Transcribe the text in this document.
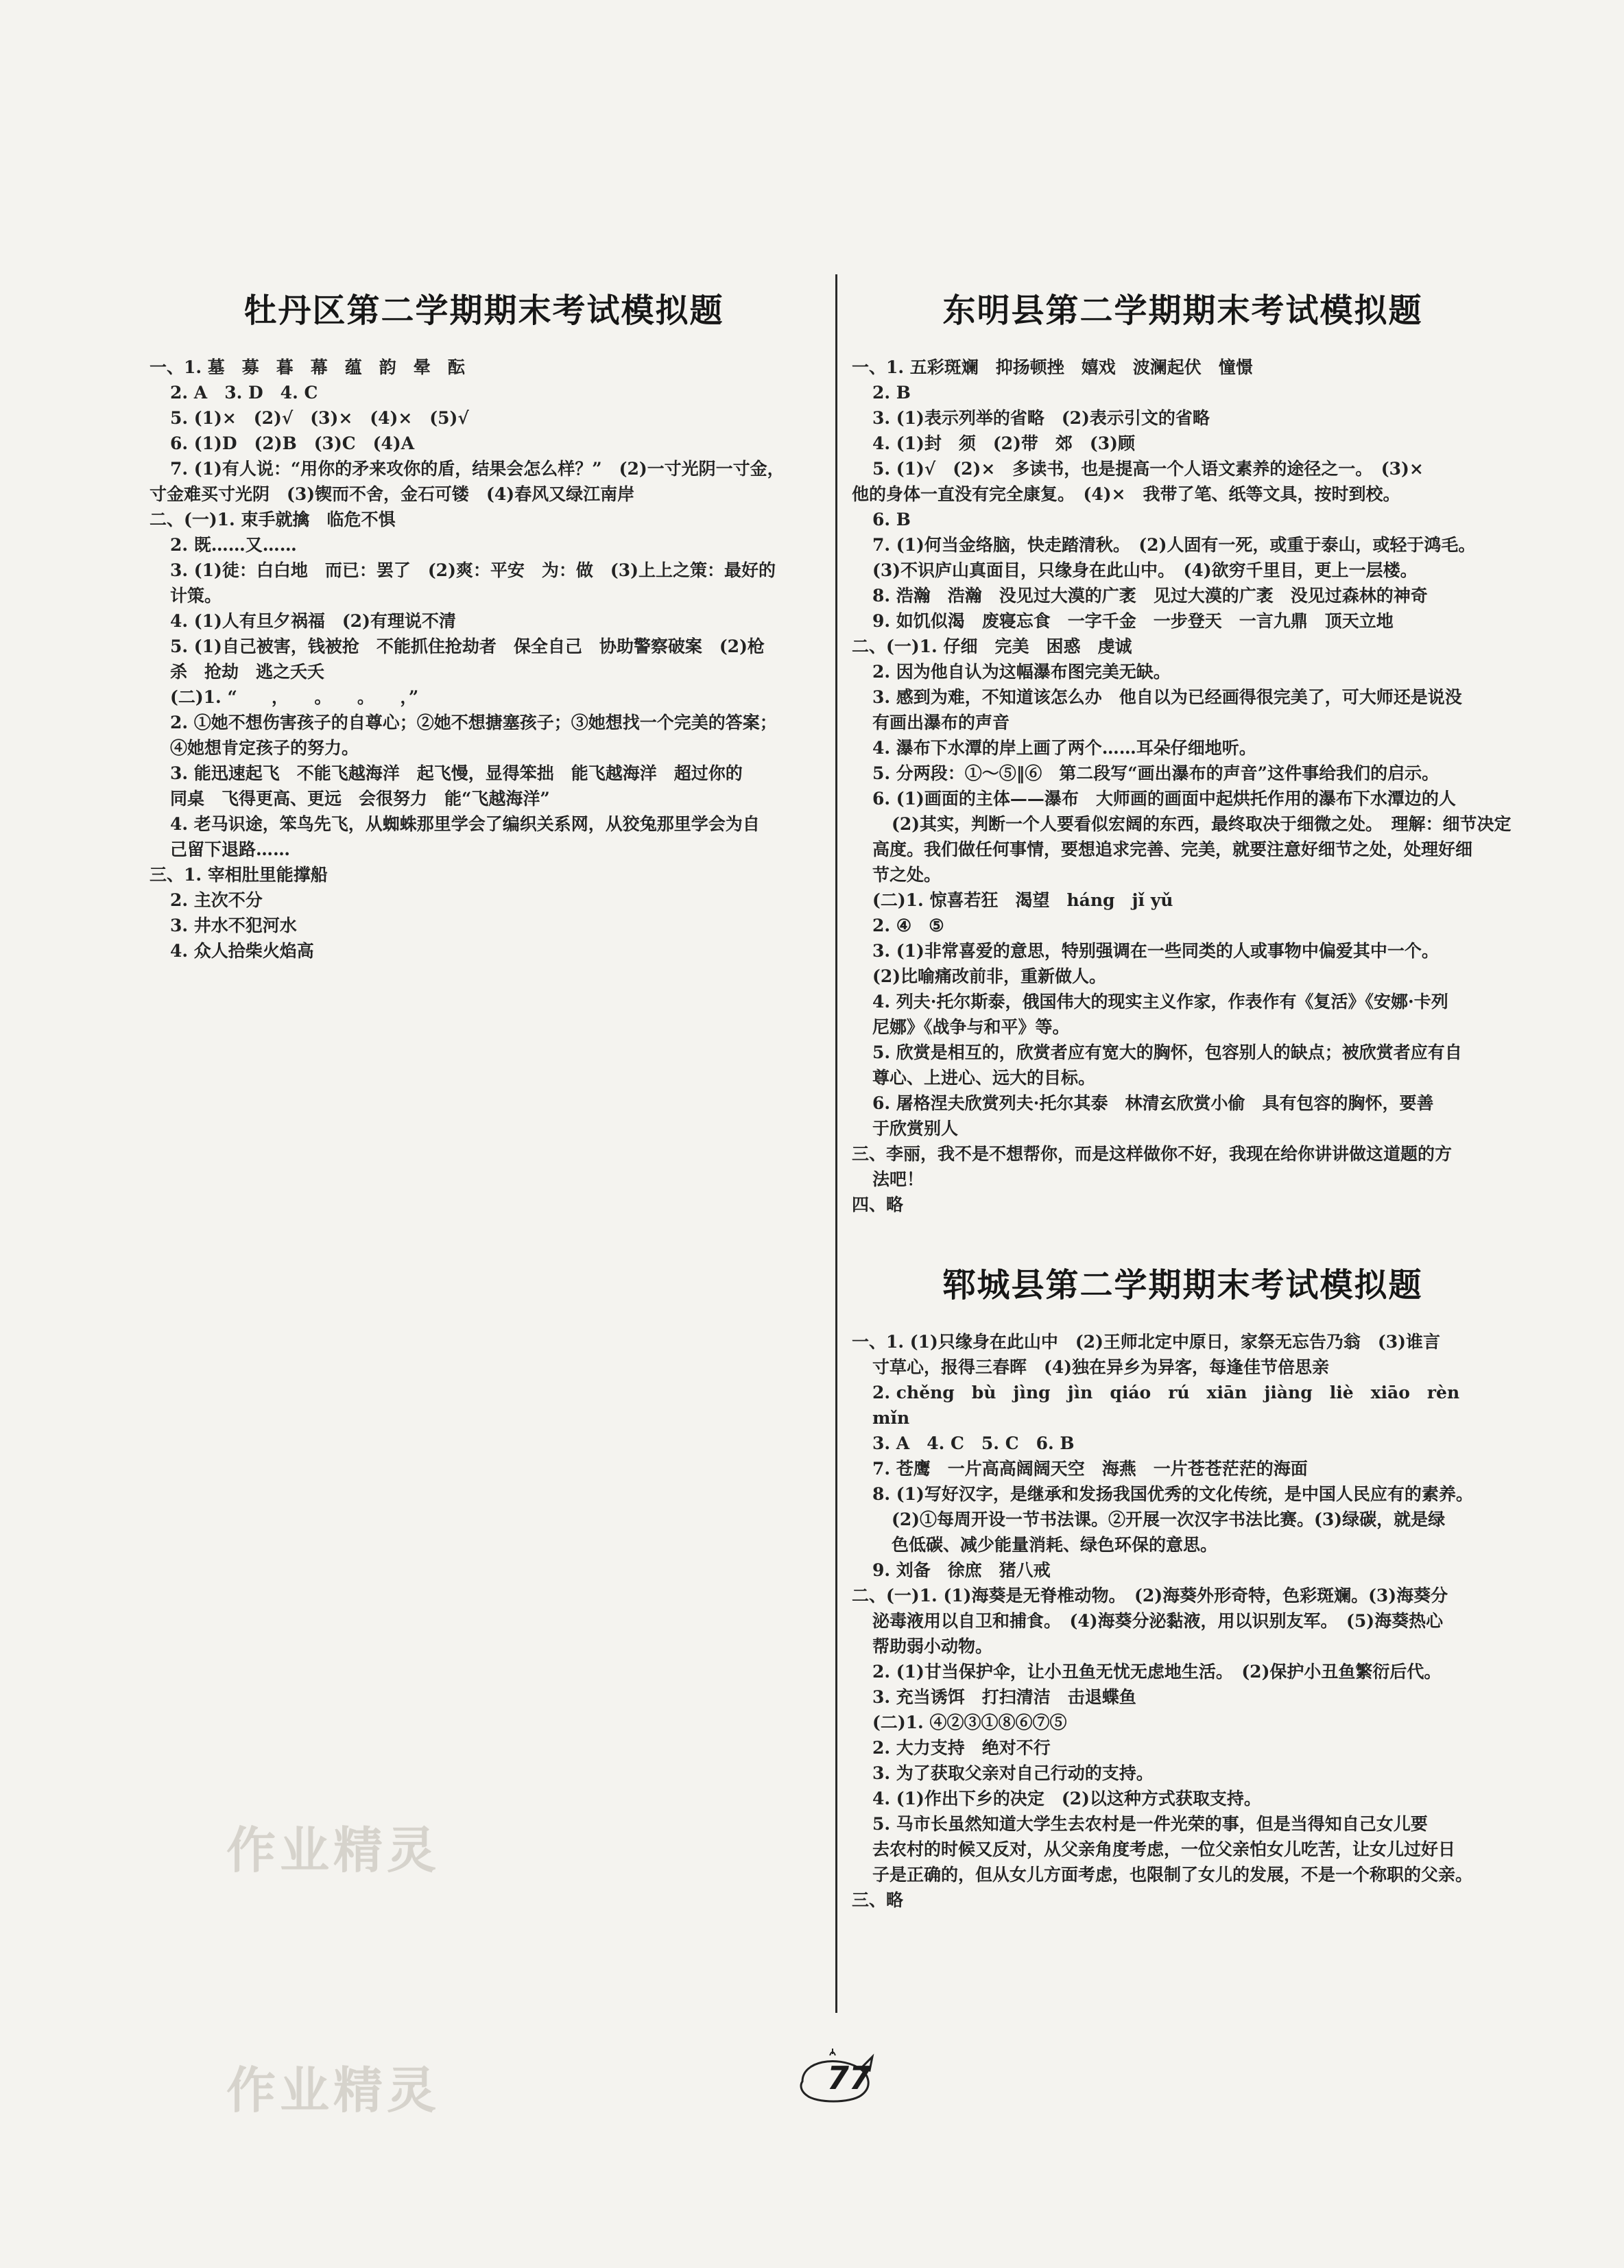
牡丹区第二学期期末考试模拟题
一、1. 墓　募　暮　幕　蕴　韵　晕　酝
2. A　3. D　4. C
5. (1)×　(2)√　(3)×　(4)×　(5)√
6. (1)D　(2)B　(3)C　(4)A
7. (1)有人说：“用你的矛来攻你的盾，结果会怎么样？”　(2)一寸光阴一寸金，
寸金难买寸光阴　(3)锲而不舍，金石可镂　(4)春风又绿江南岸
二、(一)1. 束手就擒　临危不惧
2. 既……又……
3. (1)徒：白白地　而已：罢了　(2)爽：平安　为：做　(3)上上之策：最好的
计策。
4. (1)人有旦夕祸福　(2)有理说不清
5. (1)自己被害，钱被抢　不能抓住抢劫者　保全自己　协助警察破案　(2)枪
杀　抢劫　逃之夭夭
(二)1. “　　，　　。　　。　　，”
2. ①她不想伤害孩子的自尊心；②她不想搪塞孩子；③她想找一个完美的答案；
④她想肯定孩子的努力。
3. 能迅速起飞　不能飞越海洋　起飞慢，显得笨拙　能飞越海洋　超过你的
同桌　飞得更高、更远　会很努力　能“飞越海洋”
4. 老马识途，笨鸟先飞，从蜘蛛那里学会了编织关系网，从狡兔那里学会为自
己留下退路……
三、1. 宰相肚里能撑船
2. 主次不分
3. 井水不犯河水
4. 众人拾柴火焰高
东明县第二学期期末考试模拟题
一、1. 五彩斑斓　抑扬顿挫　嬉戏　波澜起伏　憧憬
2. B
3. (1)表示列举的省略　(2)表示引文的省略
4. (1)封　须　(2)带　郊　(3)顾
5. (1)√　(2)×　多读书，也是提高一个人语文素养的途径之一。　(3)×
他的身体一直没有完全康复。　(4)×　我带了笔、纸等文具，按时到校。
6. B
7. (1)何当金络脑，快走踏清秋。　(2)人固有一死，或重于泰山，或轻于鸿毛。
(3)不识庐山真面目，只缘身在此山中。　(4)欲穷千里目，更上一层楼。
8. 浩瀚　浩瀚　没见过大漠的广袤　见过大漠的广袤　没见过森林的神奇
9. 如饥似渴　废寝忘食　一字千金　一步登天　一言九鼎　顶天立地
二、(一)1. 仔细　完美　困惑　虔诚
2. 因为他自认为这幅瀑布图完美无缺。
3. 感到为难，不知道该怎么办　他自以为已经画得很完美了，可大师还是说没
有画出瀑布的声音
4. 瀑布下水潭的岸上画了两个……耳朵仔细地听。
5. 分两段：①～⑤‖⑥　第二段写“画出瀑布的声音”这件事给我们的启示。
6. (1)画面的主体——瀑布　大师画的画面中起烘托作用的瀑布下水潭边的人
(2)其实，判断一个人要看似宏阔的东西，最终取决于细微之处。　理解：细节决定
高度。我们做任何事情，要想追求完善、完美，就要注意好细节之处，处理好细
节之处。
(二)1. 惊喜若狂　渴望　háng　jǐ yǔ
2. ④　⑤
3. (1)非常喜爱的意思，特别强调在一些同类的人或事物中偏爱其中一个。
(2)比喻痛改前非，重新做人。
4. 列夫·托尔斯泰，俄国伟大的现实主义作家，作表作有《复活》《安娜·卡列
尼娜》《战争与和平》等。
5. 欣赏是相互的，欣赏者应有宽大的胸怀，包容别人的缺点；被欣赏者应有自
尊心、上进心、远大的目标。
6. 屠格涅夫欣赏列夫·托尔其泰　林清玄欣赏小偷　具有包容的胸怀，要善
于欣赏别人
三、李丽，我不是不想帮你，而是这样做你不好，我现在给你讲讲做这道题的方
法吧！
四、略
郓城县第二学期期末考试模拟题
一、1. (1)只缘身在此山中　(2)王师北定中原日，家祭无忘告乃翁　(3)谁言
寸草心，报得三春晖　(4)独在异乡为异客，每逢佳节倍思亲
2. chěng　bù　jìng　jìn　qiáo　rú　xiān　jiàng　liè　xiāo　rèn　mǐn
3. A　4. C　5. C　6. B
7. 苍鹰　一片高高阔阔天空　海燕　一片苍苍茫茫的海面
8. (1)写好汉字，是继承和发扬我国优秀的文化传统，是中国人民应有的素养。
(2)①每周开设一节书法课。②开展一次汉字书法比赛。(3)绿碳，就是绿
色低碳、减少能量消耗、绿色环保的意思。
9. 刘备　徐庶　猪八戒
二、(一)1. (1)海葵是无脊椎动物。　(2)海葵外形奇特，色彩斑斓。(3)海葵分
泌毒液用以自卫和捕食。　(4)海葵分泌黏液，用以识别友军。　(5)海葵热心
帮助弱小动物。
2. (1)甘当保护伞，让小丑鱼无忧无虑地生活。　(2)保护小丑鱼繁衍后代。
3. 充当诱饵　打扫清洁　击退蝶鱼
(二)1. ④②③①⑧⑥⑦⑤
2. 大力支持　绝对不行
3. 为了获取父亲对自己行动的支持。
4. (1)作出下乡的决定　(2)以这种方式获取支持。
5. 马市长虽然知道大学生去农村是一件光荣的事，但是当得知自己女儿要
去农村的时候又反对，从父亲角度考虑，一位父亲怕女儿吃苦，让女儿过好日
子是正确的，但从女儿方面考虑，也限制了女儿的发展，不是一个称职的父亲。
三、略
作业精灵
作业精灵	77
